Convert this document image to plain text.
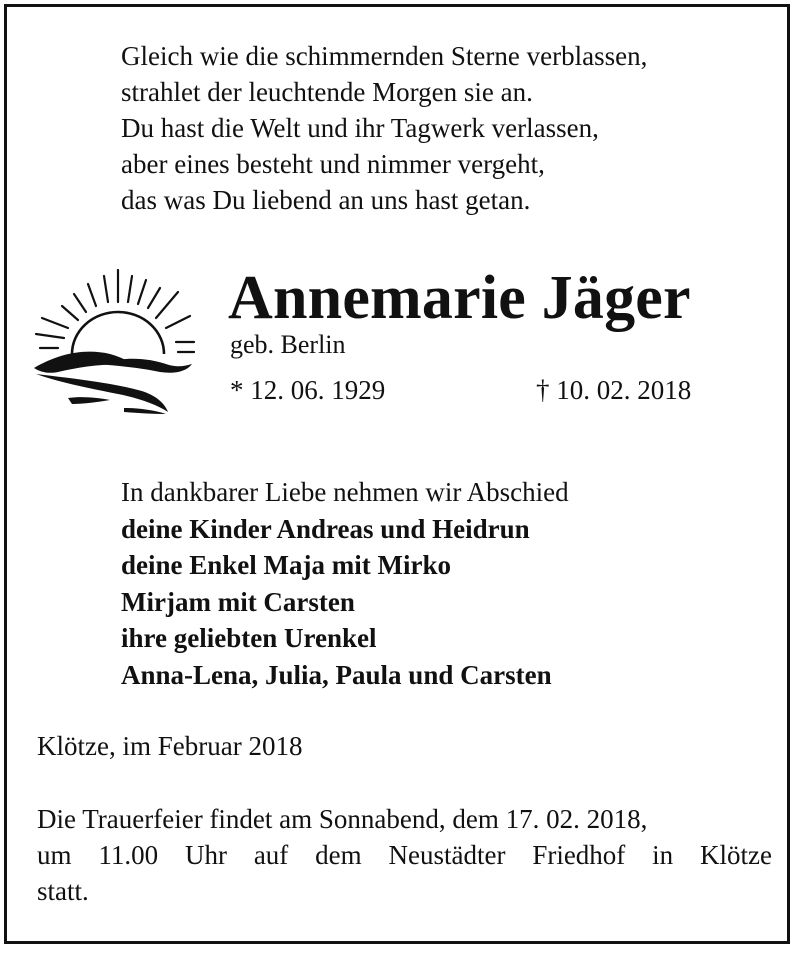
Gleich wie die schimmernden Sterne verblassen,
strahlet der leuchtende Morgen sie an.
Du hast die Welt und ihr Tagwerk verlassen,
aber eines besteht und nimmer vergeht,
das was Du liebend an uns hast getan.
Annemarie Jäger
geb. Berlin
* 12. 06. 1929	† 10. 02. 2018
In dankbarer Liebe nehmen wir Abschied
deine Kinder Andreas und Heidrun
deine Enkel Maja mit Mirko
Mirjam mit Carsten
ihre geliebten Urenkel
Anna-Lena, Julia, Paula und Carsten
Klötze, im Februar 2018
Die Trauerfeier findet am Sonnabend, dem 17. 02. 2018,
um 11.00 Uhr auf dem Neustädter Friedhof in Klötze
statt.
